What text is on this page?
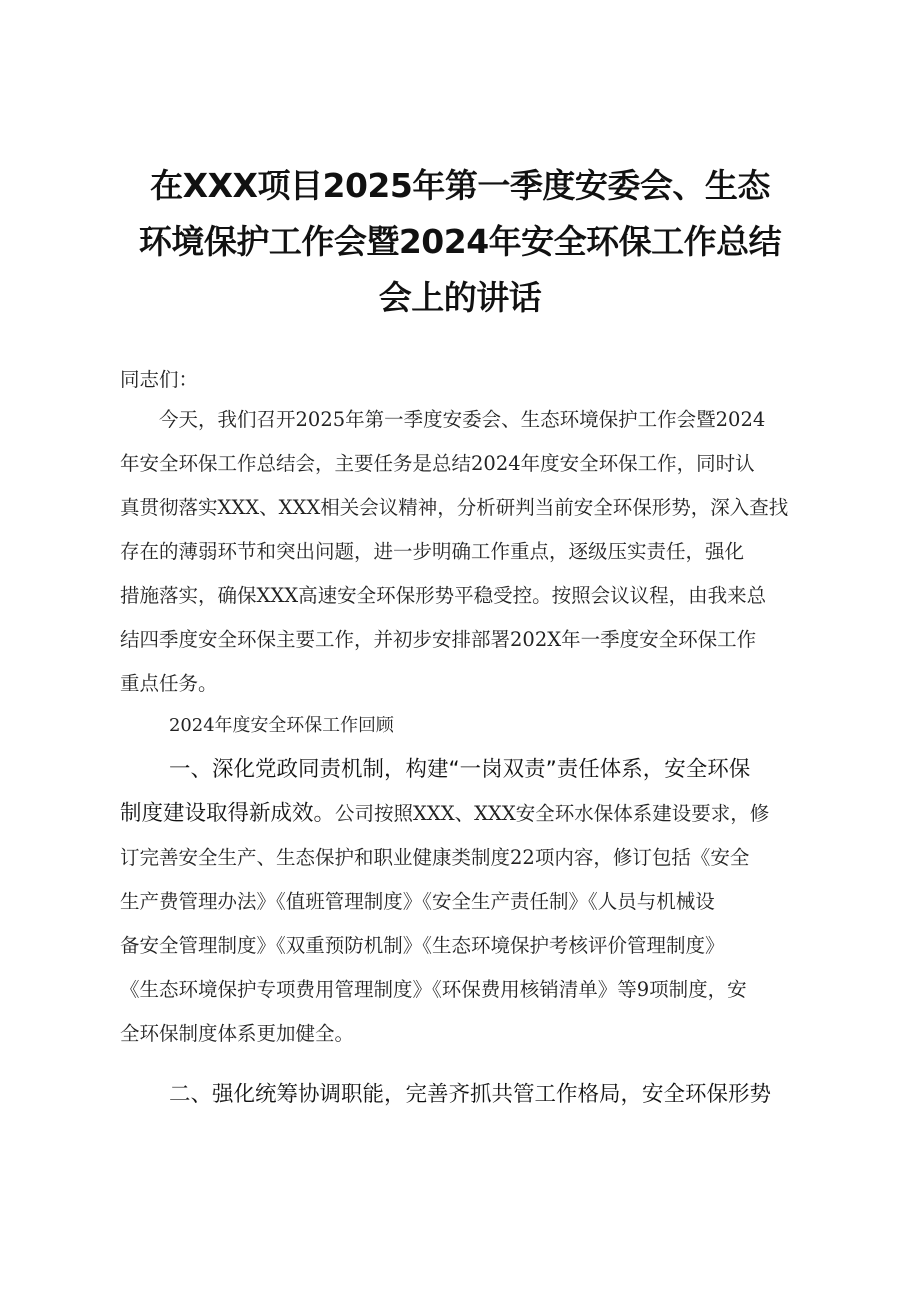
在XXX项目2025年第一季度安委会、生态
环境保护工作会暨2024年安全环保工作总结
会上的讲话
同志们：
今天，我们召开2025年第一季度安委会、生态环境保护工作会暨2024
年安全环保工作总结会，主要任务是总结2024年度安全环保工作，同时认
真贯彻落实XXX、XXX相关会议精神，分析研判当前安全环保形势，深入查找
存在的薄弱环节和突出问题，进一步明确工作重点，逐级压实责任，强化
措施落实，确保XXX高速安全环保形势平稳受控。按照会议议程，由我来总
结四季度安全环保主要工作，并初步安排部署202X年一季度安全环保工作
重点任务。
2024年度安全环保工作回顾
一、深化党政同责机制，构建“一岗双责”责任体系，安全环保
制度建设取得新成效。公司按照XXX、XXX安全环水保体系建设要求，修
订完善安全生产、生态保护和职业健康类制度22项内容，修订包括《安全
生产费管理办法》《值班管理制度》《安全生产责任制》《人员与机械设
备安全管理制度》《双重预防机制》《生态环境保护考核评价管理制度》
《生态环境保护专项费用管理制度》《环保费用核销清单》等9项制度，安
全环保制度体系更加健全。
二、强化统筹协调职能，完善齐抓共管工作格局，安全环保形势
